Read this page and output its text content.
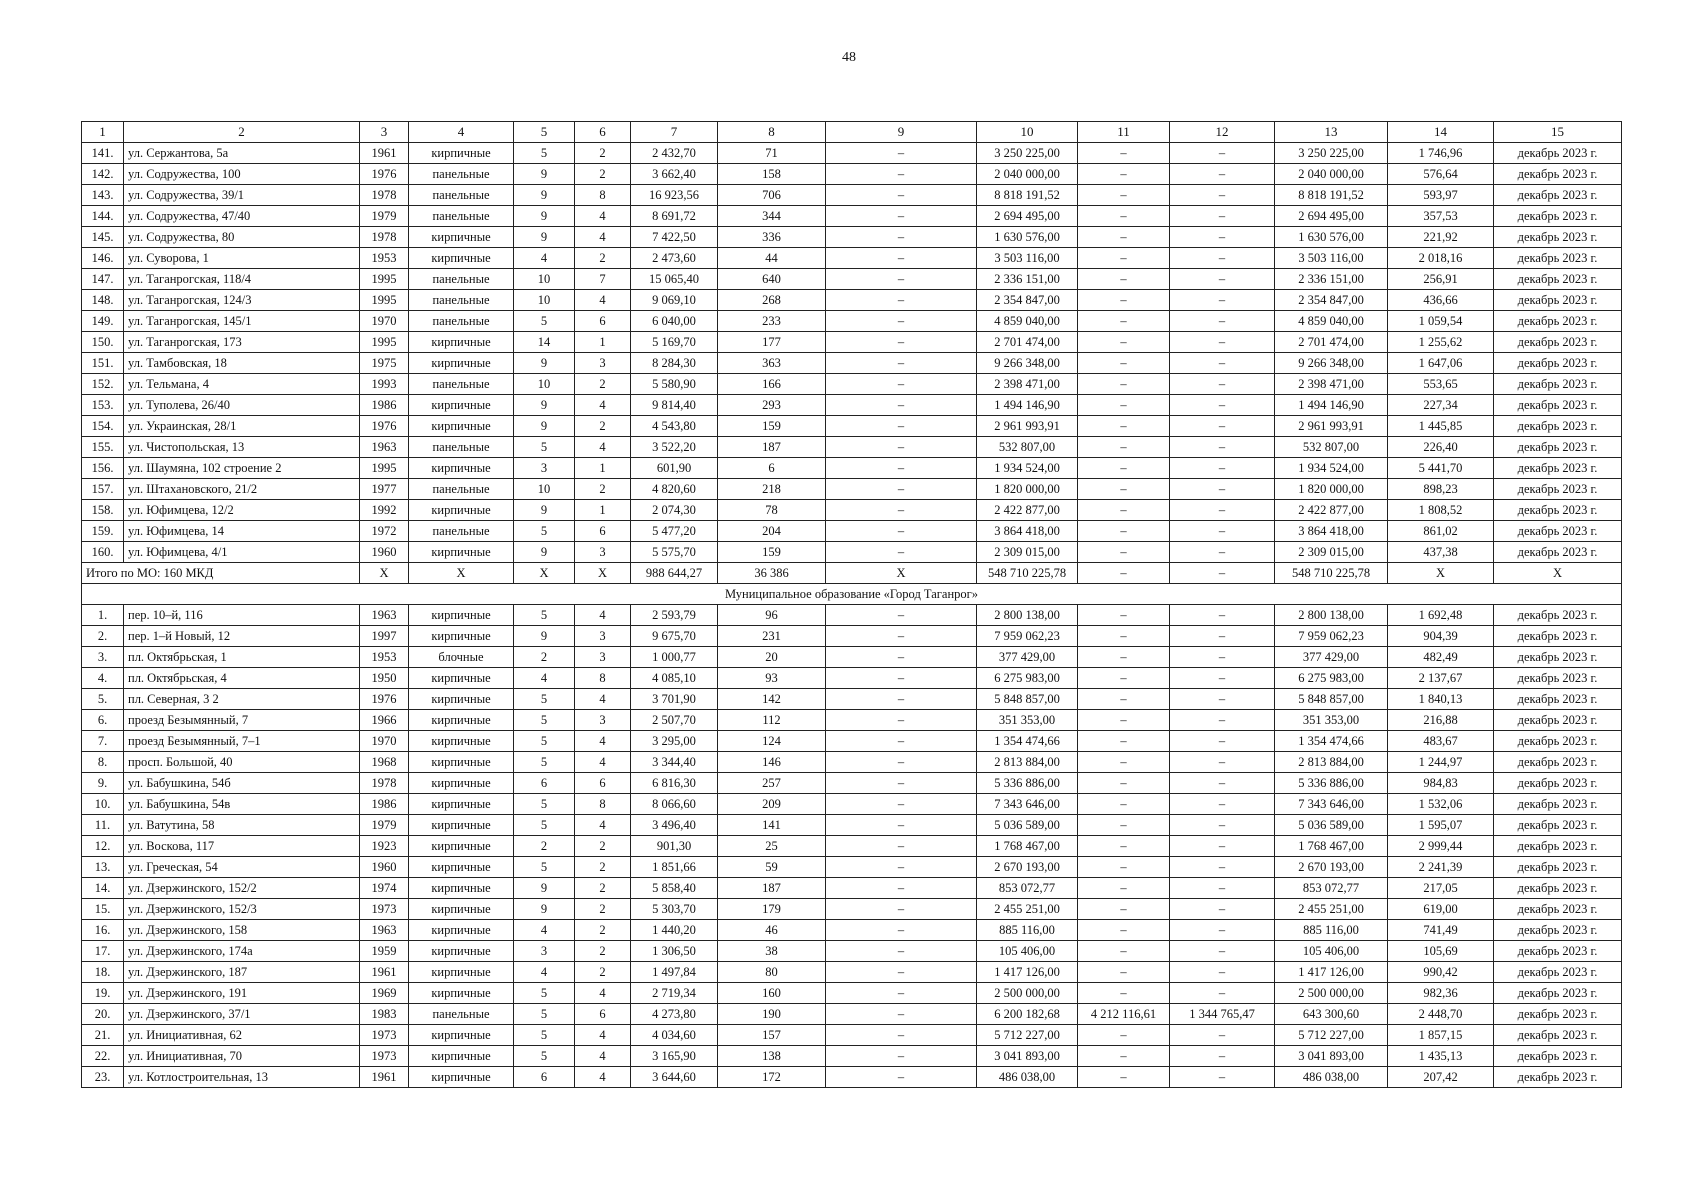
48
1	2	3	4	5	6	7	8	9	10	11	12	13	14	15
141.	ул. Сержантова, 5а	1961	кирпичные	5	2	2 432,70	71	–	3 250 225,00	–	–	3 250 225,00	1 746,96	декабрь 2023 г.
142.	ул. Содружества, 100	1976	панельные	9	2	3 662,40	158	–	2 040 000,00	–	–	2 040 000,00	576,64	декабрь 2023 г.
143.	ул. Содружества, 39/1	1978	панельные	9	8	16 923,56	706	–	8 818 191,52	–	–	8 818 191,52	593,97	декабрь 2023 г.
144.	ул. Содружества, 47/40	1979	панельные	9	4	8 691,72	344	–	2 694 495,00	–	–	2 694 495,00	357,53	декабрь 2023 г.
145.	ул. Содружества, 80	1978	кирпичные	9	4	7 422,50	336	–	1 630 576,00	–	–	1 630 576,00	221,92	декабрь 2023 г.
146.	ул. Суворова, 1	1953	кирпичные	4	2	2 473,60	44	–	3 503 116,00	–	–	3 503 116,00	2 018,16	декабрь 2023 г.
147.	ул. Таганрогская, 118/4	1995	панельные	10	7	15 065,40	640	–	2 336 151,00	–	–	2 336 151,00	256,91	декабрь 2023 г.
148.	ул. Таганрогская, 124/3	1995	панельные	10	4	9 069,10	268	–	2 354 847,00	–	–	2 354 847,00	436,66	декабрь 2023 г.
149.	ул. Таганрогская, 145/1	1970	панельные	5	6	6 040,00	233	–	4 859 040,00	–	–	4 859 040,00	1 059,54	декабрь 2023 г.
150.	ул. Таганрогская, 173	1995	кирпичные	14	1	5 169,70	177	–	2 701 474,00	–	–	2 701 474,00	1 255,62	декабрь 2023 г.
151.	ул. Тамбовская, 18	1975	кирпичные	9	3	8 284,30	363	–	9 266 348,00	–	–	9 266 348,00	1 647,06	декабрь 2023 г.
152.	ул. Тельмана, 4	1993	панельные	10	2	5 580,90	166	–	2 398 471,00	–	–	2 398 471,00	553,65	декабрь 2023 г.
153.	ул. Туполева, 26/40	1986	кирпичные	9	4	9 814,40	293	–	1 494 146,90	–	–	1 494 146,90	227,34	декабрь 2023 г.
154.	ул. Украинская, 28/1	1976	кирпичные	9	2	4 543,80	159	–	2 961 993,91	–	–	2 961 993,91	1 445,85	декабрь 2023 г.
155.	ул. Чистопольская, 13	1963	панельные	5	4	3 522,20	187	–	532 807,00	–	–	532 807,00	226,40	декабрь 2023 г.
156.	ул. Шаумяна, 102 строение 2	1995	кирпичные	3	1	601,90	6	–	1 934 524,00	–	–	1 934 524,00	5 441,70	декабрь 2023 г.
157.	ул. Штахановского, 21/2	1977	панельные	10	2	4 820,60	218	–	1 820 000,00	–	–	1 820 000,00	898,23	декабрь 2023 г.
158.	ул. Юфимцева, 12/2	1992	кирпичные	9	1	2 074,30	78	–	2 422 877,00	–	–	2 422 877,00	1 808,52	декабрь 2023 г.
159.	ул. Юфимцева, 14	1972	панельные	5	6	5 477,20	204	–	3 864 418,00	–	–	3 864 418,00	861,02	декабрь 2023 г.
160.	ул. Юфимцева, 4/1	1960	кирпичные	9	3	5 575,70	159	–	2 309 015,00	–	–	2 309 015,00	437,38	декабрь 2023 г.
Итого по МО: 160 МКД		X	X	X	X	988 644,27	36 386	X	548 710 225,78	–	–	548 710 225,78	X	X
Муниципальное образование «Город Таганрог»														
1.	пер. 10–й, 116	1963	кирпичные	5	4	2 593,79	96	–	2 800 138,00	–	–	2 800 138,00	1 692,48	декабрь 2023 г.
2.	пер. 1–й Новый, 12	1997	кирпичные	9	3	9 675,70	231	–	7 959 062,23	–	–	7 959 062,23	904,39	декабрь 2023 г.
3.	пл. Октябрьская, 1	1953	блочные	2	3	1 000,77	20	–	377 429,00	–	–	377 429,00	482,49	декабрь 2023 г.
4.	пл. Октябрьская, 4	1950	кирпичные	4	8	4 085,10	93	–	6 275 983,00	–	–	6 275 983,00	2 137,67	декабрь 2023 г.
5.	пл. Северная, 3 2	1976	кирпичные	5	4	3 701,90	142	–	5 848 857,00	–	–	5 848 857,00	1 840,13	декабрь 2023 г.
6.	проезд Безымянный, 7	1966	кирпичные	5	3	2 507,70	112	–	351 353,00	–	–	351 353,00	216,88	декабрь 2023 г.
7.	проезд Безымянный, 7–1	1970	кирпичные	5	4	3 295,00	124	–	1 354 474,66	–	–	1 354 474,66	483,67	декабрь 2023 г.
8.	просп. Большой, 40	1968	кирпичные	5	4	3 344,40	146	–	2 813 884,00	–	–	2 813 884,00	1 244,97	декабрь 2023 г.
9.	ул. Бабушкина, 54б	1978	кирпичные	6	6	6 816,30	257	–	5 336 886,00	–	–	5 336 886,00	984,83	декабрь 2023 г.
10.	ул. Бабушкина, 54в	1986	кирпичные	5	8	8 066,60	209	–	7 343 646,00	–	–	7 343 646,00	1 532,06	декабрь 2023 г.
11.	ул. Ватутина, 58	1979	кирпичные	5	4	3 496,40	141	–	5 036 589,00	–	–	5 036 589,00	1 595,07	декабрь 2023 г.
12.	ул. Воскова, 117	1923	кирпичные	2	2	901,30	25	–	1 768 467,00	–	–	1 768 467,00	2 999,44	декабрь 2023 г.
13.	ул. Греческая, 54	1960	кирпичные	5	2	1 851,66	59	–	2 670 193,00	–	–	2 670 193,00	2 241,39	декабрь 2023 г.
14.	ул. Дзержинского, 152/2	1974	кирпичные	9	2	5 858,40	187	–	853 072,77	–	–	853 072,77	217,05	декабрь 2023 г.
15.	ул. Дзержинского, 152/3	1973	кирпичные	9	2	5 303,70	179	–	2 455 251,00	–	–	2 455 251,00	619,00	декабрь 2023 г.
16.	ул. Дзержинского, 158	1963	кирпичные	4	2	1 440,20	46	–	885 116,00	–	–	885 116,00	741,49	декабрь 2023 г.
17.	ул. Дзержинского, 174а	1959	кирпичные	3	2	1 306,50	38	–	105 406,00	–	–	105 406,00	105,69	декабрь 2023 г.
18.	ул. Дзержинского, 187	1961	кирпичные	4	2	1 497,84	80	–	1 417 126,00	–	–	1 417 126,00	990,42	декабрь 2023 г.
19.	ул. Дзержинского, 191	1969	кирпичные	5	4	2 719,34	160	–	2 500 000,00	–	–	2 500 000,00	982,36	декабрь 2023 г.
20.	ул. Дзержинского, 37/1	1983	панельные	5	6	4 273,80	190	–	6 200 182,68	4 212 116,61	1 344 765,47	643 300,60	2 448,70	декабрь 2023 г.
21.	ул. Инициативная, 62	1973	кирпичные	5	4	4 034,60	157	–	5 712 227,00	–	–	5 712 227,00	1 857,15	декабрь 2023 г.
22.	ул. Инициативная, 70	1973	кирпичные	5	4	3 165,90	138	–	3 041 893,00	–	–	3 041 893,00	1 435,13	декабрь 2023 г.
23.	ул. Котлостроительная, 13	1961	кирпичные	6	4	3 644,60	172	–	486 038,00	–	–	486 038,00	207,42	декабрь 2023 г.
